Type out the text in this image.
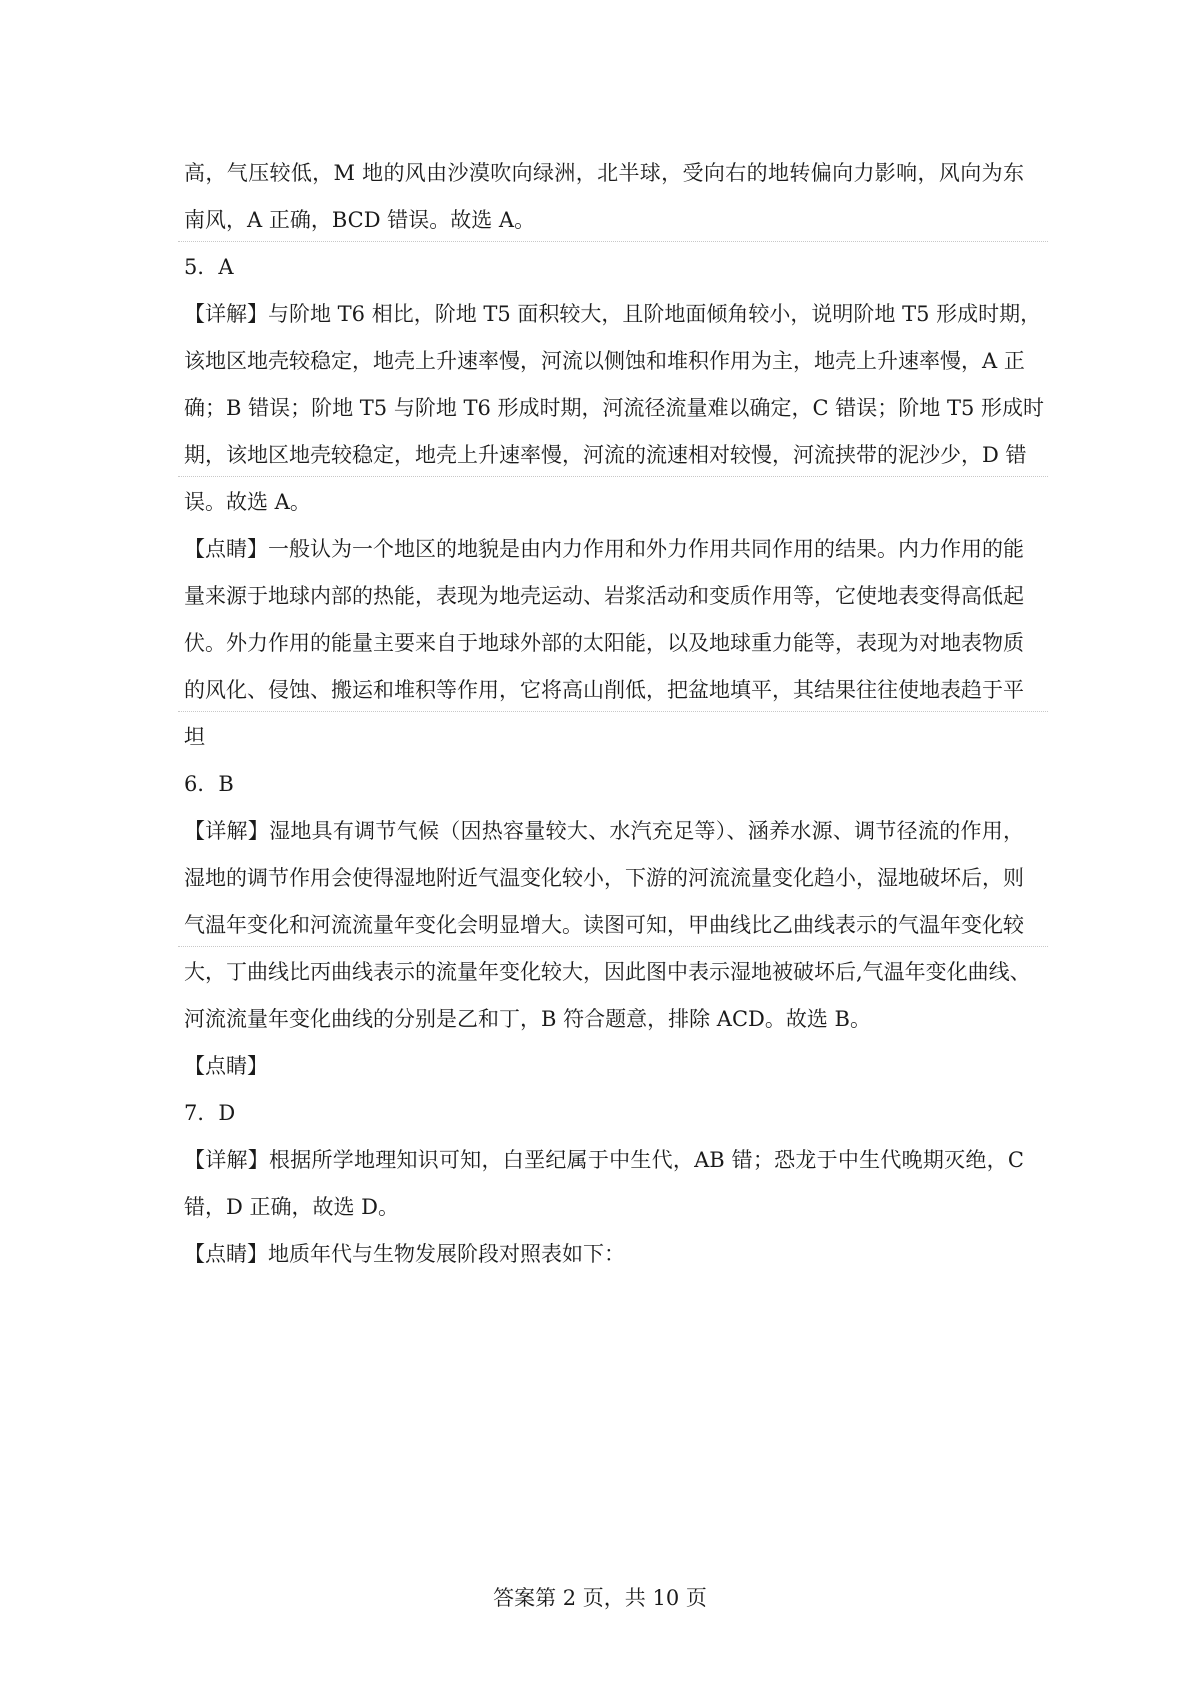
高，气压较低，M 地的风由沙漠吹向绿洲，北半球，受向右的地转偏向力影响，风向为东
南风，A 正确，BCD 错误。故选 A。
5．A
【详解】与阶地 T6 相比，阶地 T5 面积较大，且阶地面倾角较小，说明阶地 T5 形成时期，
该地区地壳较稳定，地壳上升速率慢，河流以侧蚀和堆积作用为主，地壳上升速率慢，A 正
确；B 错误；阶地 T5 与阶地 T6 形成时期，河流径流量难以确定，C 错误；阶地 T5 形成时
期，该地区地壳较稳定，地壳上升速率慢，河流的流速相对较慢，河流挟带的泥沙少，D 错
误。故选 A。
【点睛】一般认为一个地区的地貌是由内力作用和外力作用共同作用的结果。内力作用的能
量来源于地球内部的热能，表现为地壳运动、岩浆活动和变质作用等，它使地表变得高低起
伏。外力作用的能量主要来自于地球外部的太阳能，以及地球重力能等，表现为对地表物质
的风化、侵蚀、搬运和堆积等作用，它将高山削低，把盆地填平，其结果往往使地表趋于平
坦
6．B
【详解】湿地具有调节气候（因热容量较大、水汽充足等）、涵养水源、调节径流的作用，
湿地的调节作用会使得湿地附近气温变化较小，下游的河流流量变化趋小，湿地破坏后，则
气温年变化和河流流量年变化会明显增大。读图可知，甲曲线比乙曲线表示的气温年变化较
大，丁曲线比丙曲线表示的流量年变化较大，因此图中表示湿地被破坏后,气温年变化曲线、
河流流量年变化曲线的分别是乙和丁，B 符合题意，排除 ACD。故选 B。
【点睛】
7．D
【详解】根据所学地理知识可知，白垩纪属于中生代，AB 错；恐龙于中生代晚期灭绝，C
错，D 正确，故选 D。
【点睛】地质年代与生物发展阶段对照表如下：
答案第 2 页，共 10 页
